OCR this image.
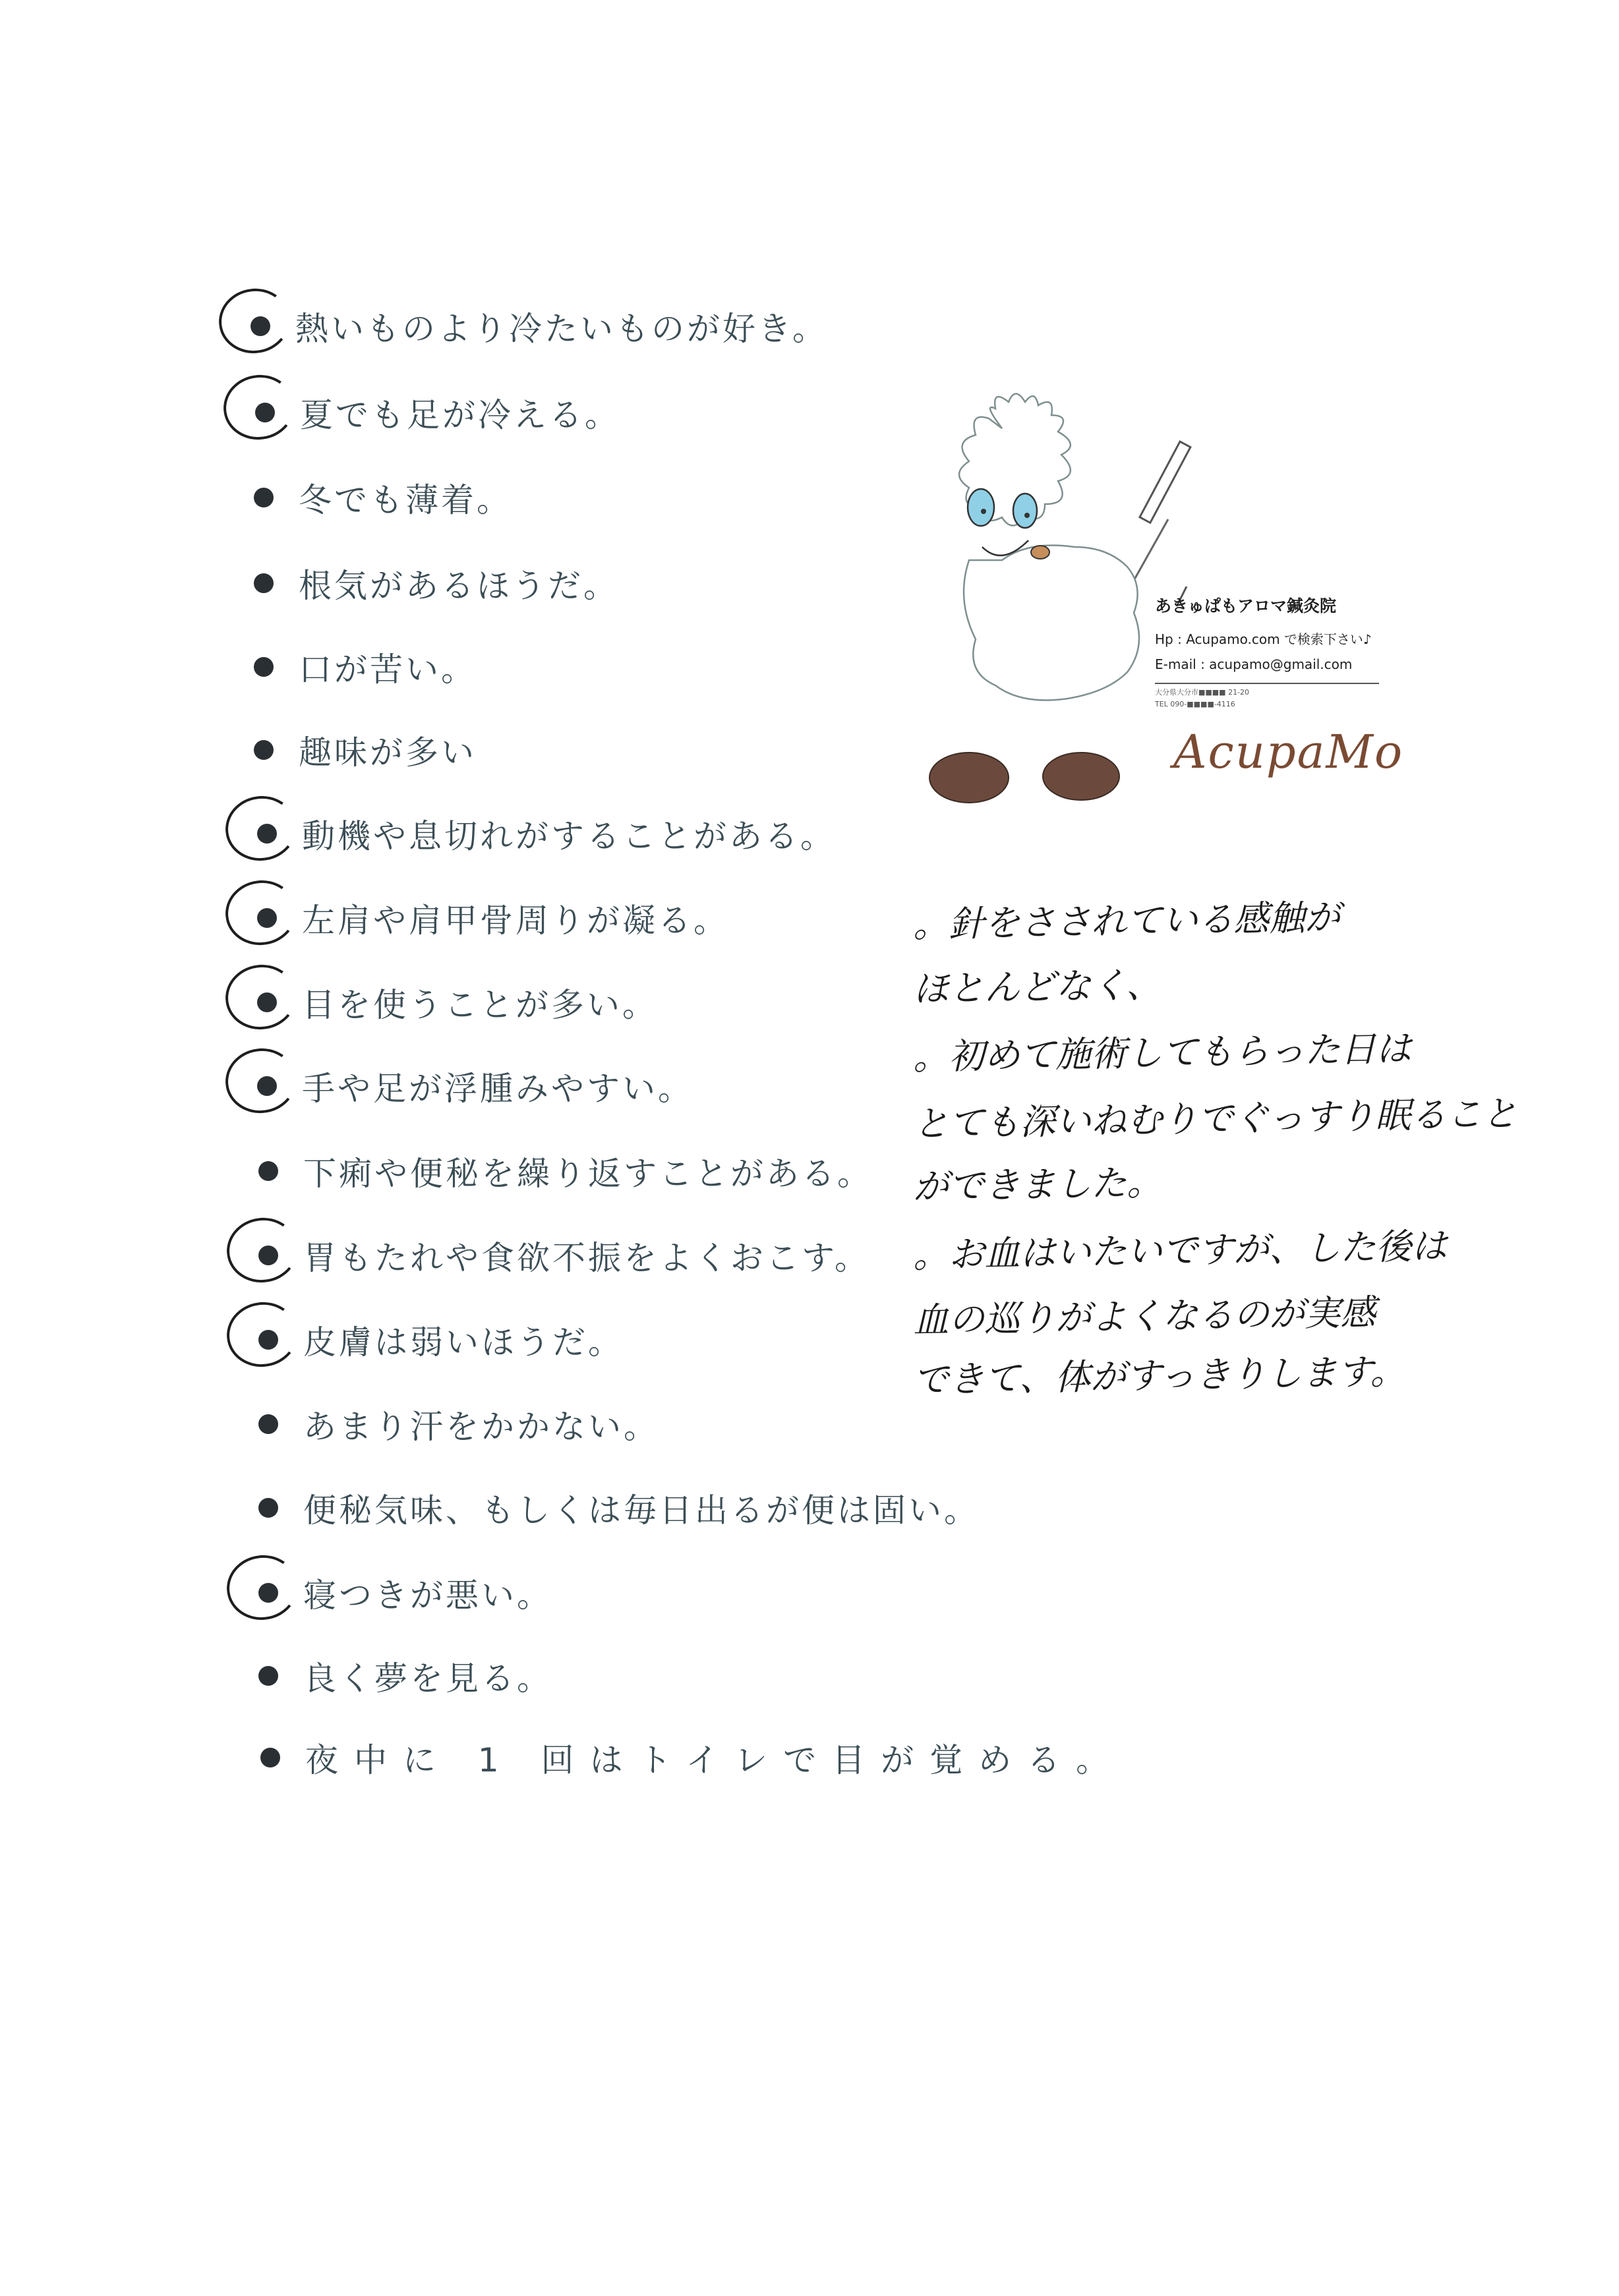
熱いものより冷たいものが好き。
夏でも足が冷える。
冬でも薄着。
根気があるほうだ。
口が苦い。
趣味が多い
動機や息切れがすることがある。
左肩や肩甲骨周りが凝る。
目を使うことが多い。
手や足が浮腫みやすい。
下痢や便秘を繰り返すことがある。
胃もたれや食欲不振をよくおこす。
皮膚は弱いほうだ。
あまり汗をかかない。
便秘気味、もしくは毎日出るが便は固い。
寝つきが悪い。
良く夢を見る。
夜中に 1 回はトイレで目が覚める。
あきゅぱもアロマ鍼灸院
Hp : Acupamo.com で検索下さい♪
E-mail : acupamo@gmail.com
大分県大分市■■■■ 21-20
TEL 090-■■■■-4116
AcupaMo
。針をさされている感触が
ほとんどなく、
。初めて施術してもらった日は
とても深いねむりでぐっすり眠ること
ができました。
。お血はいたいですが、した後は
血の巡りがよくなるのが実感
できて、体がすっきりします。
